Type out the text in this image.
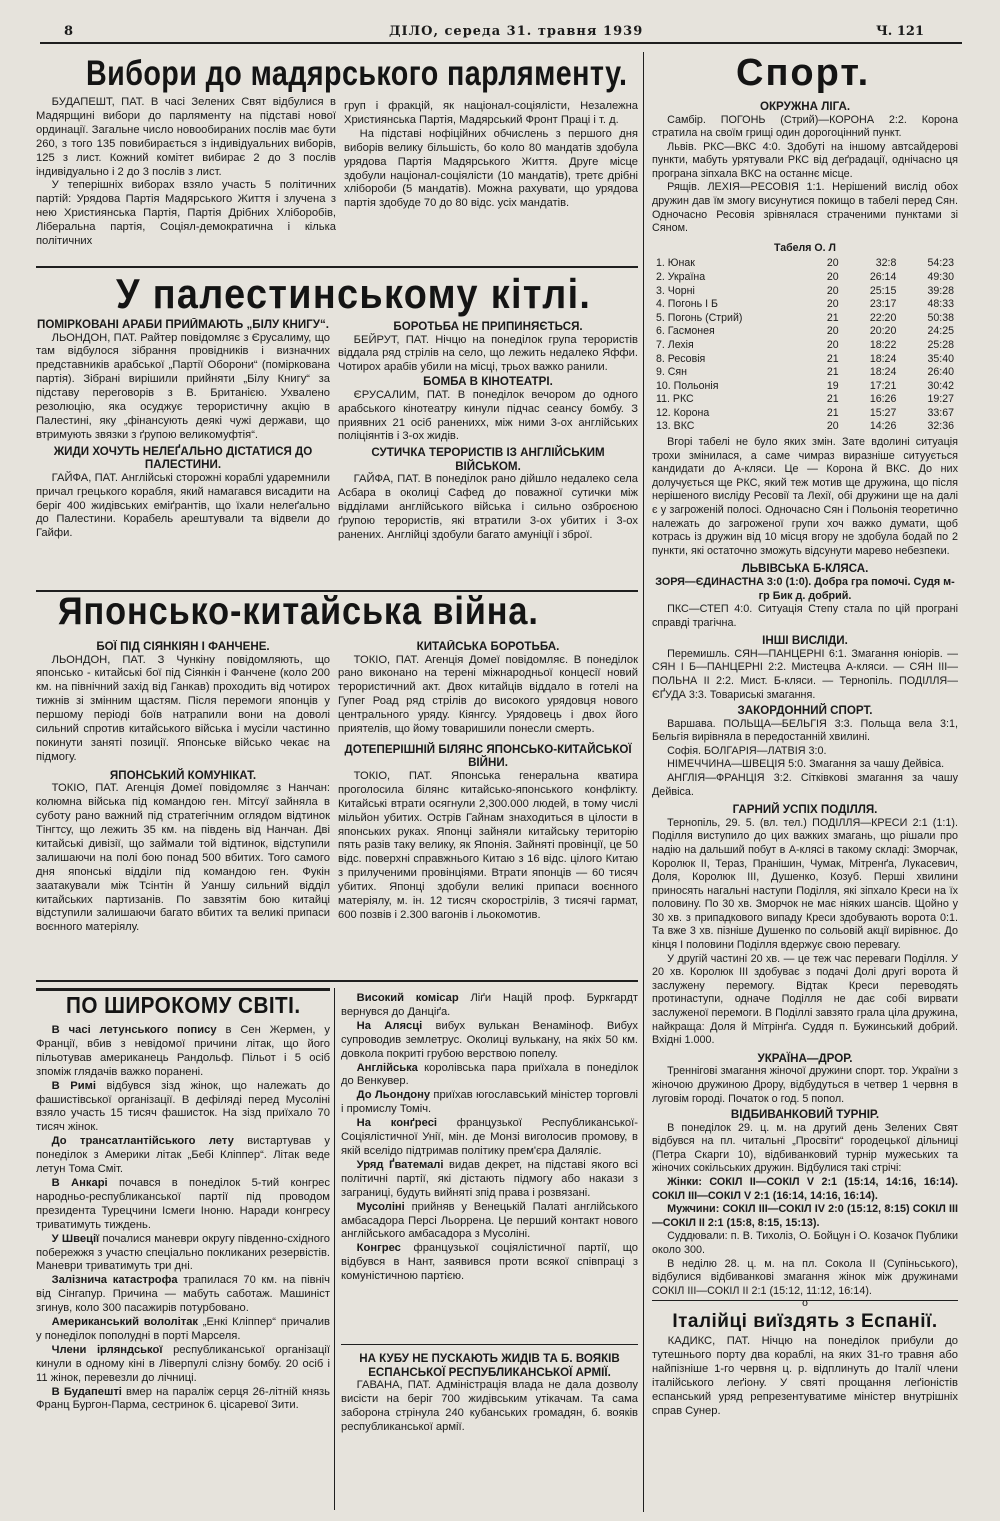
8	ДІЛО, середа 31. травня 1939	Ч. 121
Вибори до мадярського парляменту.

БУДАПЕШТ, ПАТ. В часі Зелених Свят відбулися в Мадярщині вибори до парляменту на підставі нової ординації. Загальне число новообираних послів має бути 260, з того 135 повибирається з індивідуальних виборів, 125 з лист. Кожний комітет вибирає 2 до 3 послів індивідуально і 2 до 3 послів з лист.

У теперішніх виборах взяло участь 5 політичних партій: Урядова Партія Мадярського Життя і злучена з нею Християнська Партія, Партія Дрібних Хліборобів, Ліберальна партія, Соціял-демократична і кілька політичних

груп і фракцій, як націонал-соціялісти, Незалежна Християнська Партія, Мадярський Фронт Праці і т. д.

На підставі нофіційних обчислень з першого дня виборів велику більшість, бо коло 80 мандатів здобула урядова Партія Мадярського Життя. Друге місце здобули націонал-соціялісти (10 мандатів), третє дрібні хлібороби (5 мандатів). Можна рахувати, що урядова партія здобуде 70 до 80 відс. усіх мандатів.

У палестинському кітлі.
ПОМІРКОВАНІ АРАБИ ПРИЙМАЮТЬ „БІЛУ КНИГУ“.

ЛЬОНДОН, ПАТ. Райтер повідомляє з Єрусалиму, що там відбулося зібрання провідників і визначних представників арабської „Партії Оборони“ (поміркована партія). Зібрані вирішили прийняти „Білу Книгу“ за підставу переговорів з В. Британією. Ухвалено резолюцію, яка осуджує терористичну акцію в Палестині, яку „фінансують деякі чужі держави, що втримують звязки з ґрупою великомуфтія“.

ЖИДИ ХОЧУТЬ НЕЛЕҐАЛЬНО ДІСТАТИСЯ ДО ПАЛЕСТИНИ.

ГАЙФА, ПАТ. Англійські сторожні кораблі ударемнили причал грецького корабля, який намагався висадити на беріг 400 жидівських еміґрантів, що їхали нелеґально до Палестини. Корабель арештували та відвели до Гайфи.

БОРОТЬБА НЕ ПРИПИНЯЄТЬСЯ.

БЕЙРУТ, ПАТ. Нічцю на понеділок група терористів віддала ряд стрілів на село, що лежить недалеко Яффи. Чотирох арабів убили на місці, трьох важко ранили.

БОМБА В КІНОТЕАТРІ.

ЄРУСАЛИМ, ПАТ. В понеділок вечором до одного арабського кінотеатру кинули підчас сеансу бомбу. З приявних 21 осіб раненихх, між ними 3-ох англійських поліціянтів і 3-ох жидів.

СУТИЧКА ТЕРОРИСТІВ ІЗ АНГЛІЙСЬКИМ ВІЙСЬКОМ.

ГАЙФА, ПАТ. В понеділок рано дійшло недалеко села Асбара в околиці Сафед до поважної сутички між відділами англійського війська і сильно озброєною ґрупою терористів, які втратили 3-ох убитих і 3-ох ранених. Англійці здобули багато амуніції і зброї.

Японсько-китайська війна.
БОЇ ПІД СІЯНКІЯН І ФАНЧЕНЕ.

ЛЬОНДОН, ПАТ. З Чункіну повідомляють, що японсько - китайські бої під Сіянкін і Фанчене (коло 200 км. на північний захід від Ганкав) проходить від чотирох тижнів зі змінним щастям. Після перемоги японців у першому періоді боїв натрапили вони на доволі сильний спротив китайського війська і мусіли частинно покинути заняті позиції. Японське військо чекає на підмогу.

ЯПОНСЬКИЙ КОМУНІКАТ.

ТОКІО, ПАТ. Агенція Домеї повідомляє з Нанчан: колюмна війська під командою ген. Мітсуї зайняла в суботу рано важний під стратегічним оглядом відтинок Тінгтсу, що лежить 35 км. на південь від Нанчан. Дві китайські дивізії, що займали той відтинок, відступили залишаючи на полі бою понад 500 вбитих. Того самого дня японські відділи під командою ген. Фукін заатакували між Тсінтін й Уаншу сильний відділ китайських партизанів. По завзятім бою китайці відступили залишаючи багато вбитих та великі припаси воєнного матеріялу.

КИТАЙСЬКА БОРОТЬБА.

ТОКІО, ПАТ. Агенція Домеї повідомляє. В понеділок рано виконано на терені міжнародньої концесії новий терористичний акт. Двох китайців віддало в готелі на Гупег Роад ряд стрілів до високого урядовця нового центрального уряду. Кіянгсу. Урядовець і двох його приятелів, що йому товаришили понесли смерть.

ДОТЕПЕРІШНІЙ БІЛЯНС ЯПОНСЬКО-КИТАЙСЬКОЇ ВІЙНИ.

ТОКІО, ПАТ. Японська генеральна кватира проголосила білянс китайсько-японського конфлікту. Китайські втрати осягнули 2,300.000 людей, в тому числі мільйон убитих. Острів Гайнам знаходиться в цілости в японських руках. Японці зайняли китайську територію пять разів таку велику, як Японія. Зайняті провінції, це 50 відс. поверхні справжнього Китаю з 16 відс. цілого Китаю з прилученими провінціями. Втрати японців — 60 тисяч убитих. Японці здобули великі припаси воєнного матеріялу, м. ін. 12 тисяч скорострілів, 3 тисячі гармат, 600 позвів і 2.300 вагонів і льокомотив.

ПО ШИРОКОМУ СВІТІ.

В часі летунського попису в Сен Жермен, у Франції, вбив з невідомої причини літак, що його пільотував американець Рандольф. Пільот і 5 осіб зпоміж глядачів важко поранені.

В Римі відбувся зізд жінок, що належать до фашистівської організації. В дефіляді перед Мусоліні взяло участь 15 тисяч фашисток. На зізд приїхало 70 тисяч жінок.

До трансатлантійського лету вистартував у понеділок з Америки літак „Бебі Кліппер“. Літак веде летун Тома Сміт.

В Анкарі почався в понеділок 5-тий конгрес народньо-республиканської партії під проводом президента Турецчини Ісмеги Іноню. Наради конгресу триватимуть тиждень.

У Швеції почалися маневри округу південно-східного побережжя з участю спеціально покликаних резервістів. Маневри триватимуть три дні.

Залізнича катастрофа трапилася 70 км. на північ від Сінгапур. Причина — мабуть саботаж. Машиніст згинув, коло 300 пасажирів потурбовано.

Американський вололітак „Енкі Кліппер“ причалив у понеділок пополудні в порті Марселя.

Члени ірляндської республиканської організації кинули в одному кіні в Ліверпулі слізну бомбу. 20 осіб і 11 жінок, перевезли до лічниці.

В Будапешті вмер на параліж серця 26-літній князь Франц Бургон-Парма, сестринок 6. цісаревої Зити.

Високий комісар Ліґи Націй проф. Буркгардт вернувся до Данціґа.

На Алясці вибух вулькан Венаміноф. Вибух супроводив землетрус. Околиці вулькану, на якіх 50 км. довкола покриті грубою верствою попелу.

Англійська королівська пара приїхала в понеділок до Венкувер.

До Льондону приїхав югославський міністер торговлі і промислу Томіч.

На конґресі французької Республиканської-Соціялістичної Унії, мін. де Монзі виголосив промову, в якій вселідо підтримав політику прем'єра Даляліє.

Уряд Ґватемалі видав декрет, на підставі якого всі політичні партії, які дістають підмогу або накази з заграниці, будуть вийняті зпід права і розвязані.

Мусоліні прийняв у Венецькій Палаті англійського амбасадора Персі Льоррена. Це перший контакт нового англійського амбасадора з Мусоліні.

Конгрес французької соціялістичної партії, що відбувся в Нант, заявився проти всякої співпраці з комуністичною партією.

НА КУБУ НЕ ПУСКАЮТЬ ЖИДІВ ТА Б. ВОЯКІВ ЕСПАНСЬКОЇ РЕСПУБЛИКАНСЬКОЇ АРМІЇ.

ГАВАНА, ПАТ. Адміністрація влада не дала дозволу висісти на беріг 700 жидівським утікачам. Та сама заборона стрінула 240 кубанських громадян, б. вояків республиканської армії.

Спорт.
ОКРУЖНА ЛІГА.

Самбір. ПОГОНЬ (Стрий)—КОРОНА 2:2. Корона стратила на своїм грищі один дорогоцінний пункт.

Львів. РКС—ВКС 4:0. Здобуті на іншому автсайдерові пункти, мабуть урятували РКС від деґрадації, однічасно ця програна зіпхала ВКС на останнє місце.

Рящів. ЛЕХІЯ—РЕСОВІЯ 1:1. Нерішений вислід обох дружин дав їм змогу висунутися покищо в табелі перед Сян. Одночасно Ресовія зрівнялася страченими пунктами зі Сяном.

Табеля О. Л
1. Юнак	20	32:8	54:23
2. Україна	20	26:14	49:30
3. Чорні	20	25:15	39:28
4. Погонь I Б	20	23:17	48:33
5. Погонь (Стрий)	21	22:20	50:38
6. Гасмонея	20	20:20	24:25
7. Лехія	20	18:22	25:28
8. Ресовія	21	18:24	35:40
9. Сян	21	18:24	26:40
10. Польонія	19	17:21	30:42
11. РКС	21	16:26	19:27
12. Корона	21	15:27	33:67
13. ВКС	20	14:26	32:36

Вгорі табелі не було яких змін. Зате вдолині ситуація трохи змінилася, а саме чимраз виразніше ситуується кандидати до А-кляси. Це — Корона й ВКС. До них долучується ще РКС, який теж мотив ще дружина, що після нерішеного висліду Ресовії та Лехії, обі дружини ще на далі є у загроженій полосі. Одночасно Сян і Польонія теоретично належать до загроженої групи хоч важко думати, щоб котрась із дружин від 10 місця вгору не здобула бодай по 2 пункти, які остаточно зможуть відсунути марево небезпеки.

ЛЬВІВСЬКА Б-КЛЯСА.

ЗОРЯ—ЄДИНАСТНА 3:0 (1:0). Добра гра помочі. Судя м-гр Бик д. добрий.

ПКС—СТЕП 4:0. Ситуація Степу стала по цій програні справді трагічна.

ІНШІ ВИСЛІДИ.

Перемишль. СЯН—ПАНЦЕРНІ 6:1. Змагання юніорів. — СЯН I Б—ПАНЦЕРНІ 2:2. Мистецва А-кляси. — СЯН III—ПОЛЬНА II 2:2. Мист. Б-кляси. — Тернопіль. ПОДІЛЛЯ—ЄҐУДА 3:3. Товариські змагання.

ЗАКОРДОННИЙ СПОРТ.

Варшава. ПОЛЬЩА—БЕЛЬГІЯ 3:3. Польща вела 3:1, Бельгія вирівняла в передостанній хвилині.

Софія. БОЛГАРІЯ—ЛАТВІЯ 3:0.

НІМЕЧЧИНА—ШВЕЦІЯ 5:0. Змагання за чашу Дейвіса.

АНГЛІЯ—ФРАНЦІЯ 3:2. Сітківкові змагання за чашу Дейвіса.

ГАРНИЙ УСПІХ ПОДІЛЛЯ.

Тернопіль, 29. 5. (вл. тел.) ПОДІЛЛЯ—КРЕСИ 2:1 (1:1). Поділля виступило до цих важких змагань, що рішали про надію на дальший побут в А-клясі в такому складі: Зморчак, Королюк II, Тераз, Пранішин, Чумак, Мітренґа, Лукасевич, Доля, Королюк III, Душенко, Козуб. Перші хвилини приносять нагальні наступи Поділля, які зіпхало Креси на їх половину. По 30 хв. Зморчок не має ніяких шансів. Щойно у 30 хв. з припадкового випаду Креси здобувають ворота 0:1. Та вже 3 хв. пізніше Душенко по сольовій акції вирівнює. До кінця I половини Поділля вдержує свою перевагу.

У другій частині 20 хв. — це теж час переваги Поділля. У 20 хв. Королюк III здобуває з подачі Долі другі ворота й заслужену перемогу. Відтак Креси переводять протинаступи, одначе Поділля не дає собі вирвати заслуженої перемоги. В Поділлі завзято грала ціла дружина, найкраща: Доля й Мітрінґа. Суддя п. Бужинський добрий. Вхідні 1.000.

УКРАЇНА—ДРОР.

Треннігові змагання жіночої дружини спорт. тор. України з жіночою дружиною Дрору, відбудуться в четвер 1 червня в луговім городі. Початок о год. 5 попол.

ВІДБИВАНКОВИЙ ТУРНІР.

В понеділок 29. ц. м. на другий день Зелених Свят відбувся на пл. читальні „Просвіти“ городецької дільниці (Петра Скарги 10), відбиванковий турнір мужеських та жіночих сокільських дружин. Відбулися такі стрічі:

Жінки: СОКІЛ II—СОКІЛ V 2:1 (15:14, 14:16, 16:14). СОКІЛ III—СОКІЛ V 2:1 (16:14, 14:16, 16:14).

Мужчини: СОКІЛ III—СОКІЛ IV 2:0 (15:12, 8:15) СОКІЛ III—СОКІЛ II 2:1 (15:8, 8:15, 15:13).

Суддювали: п. В. Тихоліз, О. Бойцун і О. Козачок Публики около 300.

В неділю 28. ц. м. на пл. Сокола II (Супіньського), відбулися відбиванкові змагання жінок між дружинами СОКІЛ III—СОКІЛ II 2:1 (15:12, 11:12, 16:14).

о
Італійці виїздять з Еспанії.

КАДИКС, ПАТ. Нічцю на понеділок прибули до тутешнього порту два кораблі, на яких 31-го травня або найпізніше 1-го червня ц. р. відплинуть до Італії члени італійського леґіону. У святі прощання леґіоністів еспанський уряд репрезентуватиме міністер внутрішніх справ Сунер.
